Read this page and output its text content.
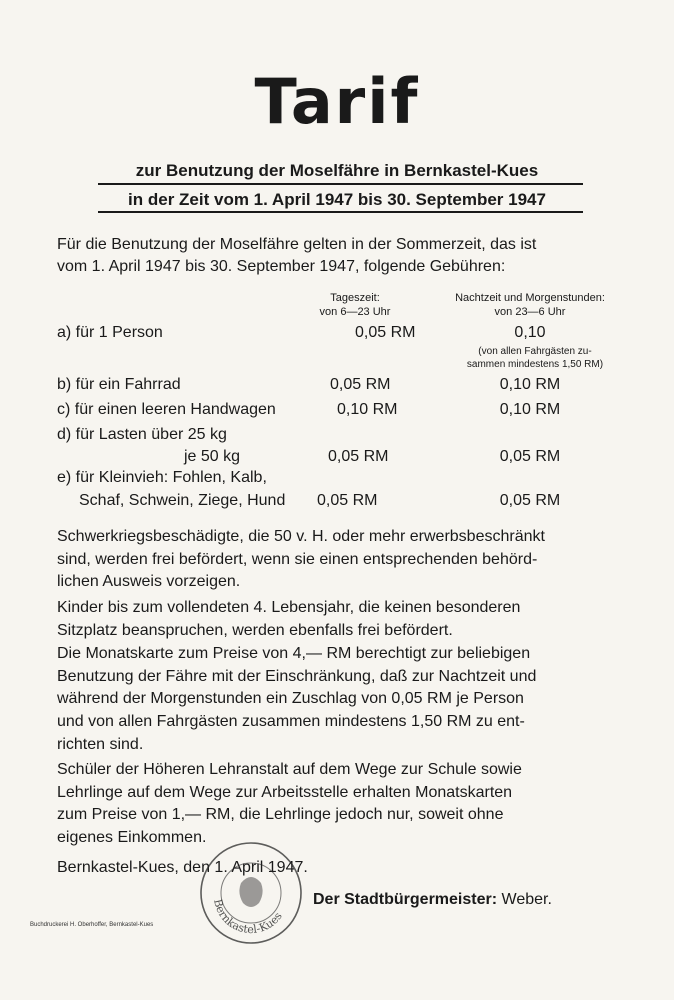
Tarif
zur Benutzung der Moselfähre in Bernkastel-Kues
in der Zeit vom 1. April 1947 bis 30. September 1947
Für die Benutzung der Moselfähre gelten in der Sommerzeit, das ist
vom 1. April 1947 bis 30. September 1947, folgende Gebühren:
Tageszeit:
von 6—23 Uhr
Nachtzeit und Morgenstunden:
von 23—6 Uhr
a) für 1 Person	0,05 RM	0,10
(von allen Fahrgästen zu-
sammen mindestens 1,50 RM)
b) für ein Fahrrad	0,05 RM	0,10 RM
c) für einen leeren Handwagen	0,10 RM	0,10 RM
d) für Lasten über 25 kg
je 50 kg	0,05 RM	0,05 RM
e) für Kleinvieh: Fohlen, Kalb,
Schaf, Schwein, Ziege, Hund 0,05 RM	0,05 RM
Schwerkriegsbeschädigte, die 50 v. H. oder mehr erwerbsbeschränkt
sind, werden frei befördert, wenn sie einen entsprechenden behörd-
lichen Ausweis vorzeigen.
Kinder bis zum vollendeten 4. Lebensjahr, die keinen besonderen
Sitzplatz beanspruchen, werden ebenfalls frei befördert.
Die Monatskarte zum Preise von 4,— RM berechtigt zur beliebigen
Benutzung der Fähre mit der Einschränkung, daß zur Nachtzeit und
während der Morgenstunden ein Zuschlag von 0,05 RM je Person
und von allen Fahrgästen zusammen mindestens 1,50 RM zu ent-
richten sind.
Schüler der Höheren Lehranstalt auf dem Wege zur Schule sowie
Lehrlinge auf dem Wege zur Arbeitsstelle erhalten Monatskarten
zum Preise von 1,— RM, die Lehrlinge jedoch nur, soweit ohne
eigenes Einkommen.
Bernkastel-Kues, den 1. April 1947.
Bernkastel-Kues
Der Stadtbürgermeister: Weber.
Buchdruckerei H. Oberhoffer, Bernkastel-Kues
